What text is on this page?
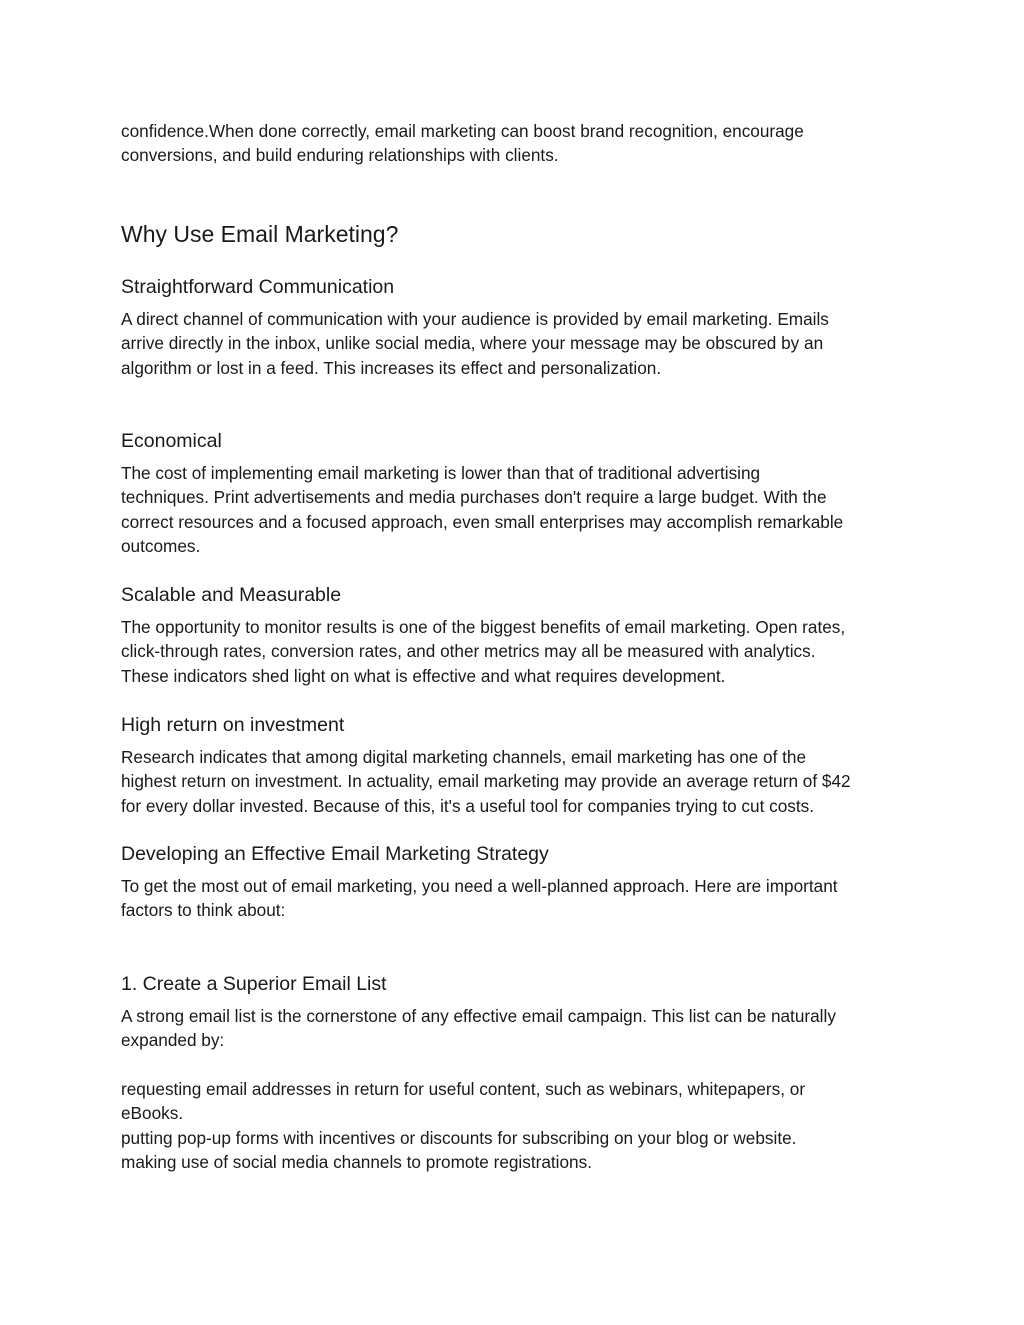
confidence.When done correctly, email marketing can boost brand recognition, encourage
conversions, and build enduring relationships with clients.

Why Use Email Marketing?
Straightforward Communication

A direct channel of communication with your audience is provided by email marketing. Emails
arrive directly in the inbox, unlike social media, where your message may be obscured by an
algorithm or lost in a feed. This increases its effect and personalization.

Economical

The cost of implementing email marketing is lower than that of traditional advertising
techniques. Print advertisements and media purchases don't require a large budget. With the
correct resources and a focused approach, even small enterprises may accomplish remarkable
outcomes.

Scalable and Measurable

The opportunity to monitor results is one of the biggest benefits of email marketing. Open rates,
click-through rates, conversion rates, and other metrics may all be measured with analytics.
These indicators shed light on what is effective and what requires development.

High return on investment

Research indicates that among digital marketing channels, email marketing has one of the
highest return on investment. In actuality, email marketing may provide an average return of $42
for every dollar invested. Because of this, it's a useful tool for companies trying to cut costs.

Developing an Effective Email Marketing Strategy

To get the most out of email marketing, you need a well-planned approach. Here are important
factors to think about:

1. Create a Superior Email List

A strong email list is the cornerstone of any effective email campaign. This list can be naturally
expanded by:

requesting email addresses in return for useful content, such as webinars, whitepapers, or
eBooks.
putting pop-up forms with incentives or discounts for subscribing on your blog or website.
making use of social media channels to promote registrations.
